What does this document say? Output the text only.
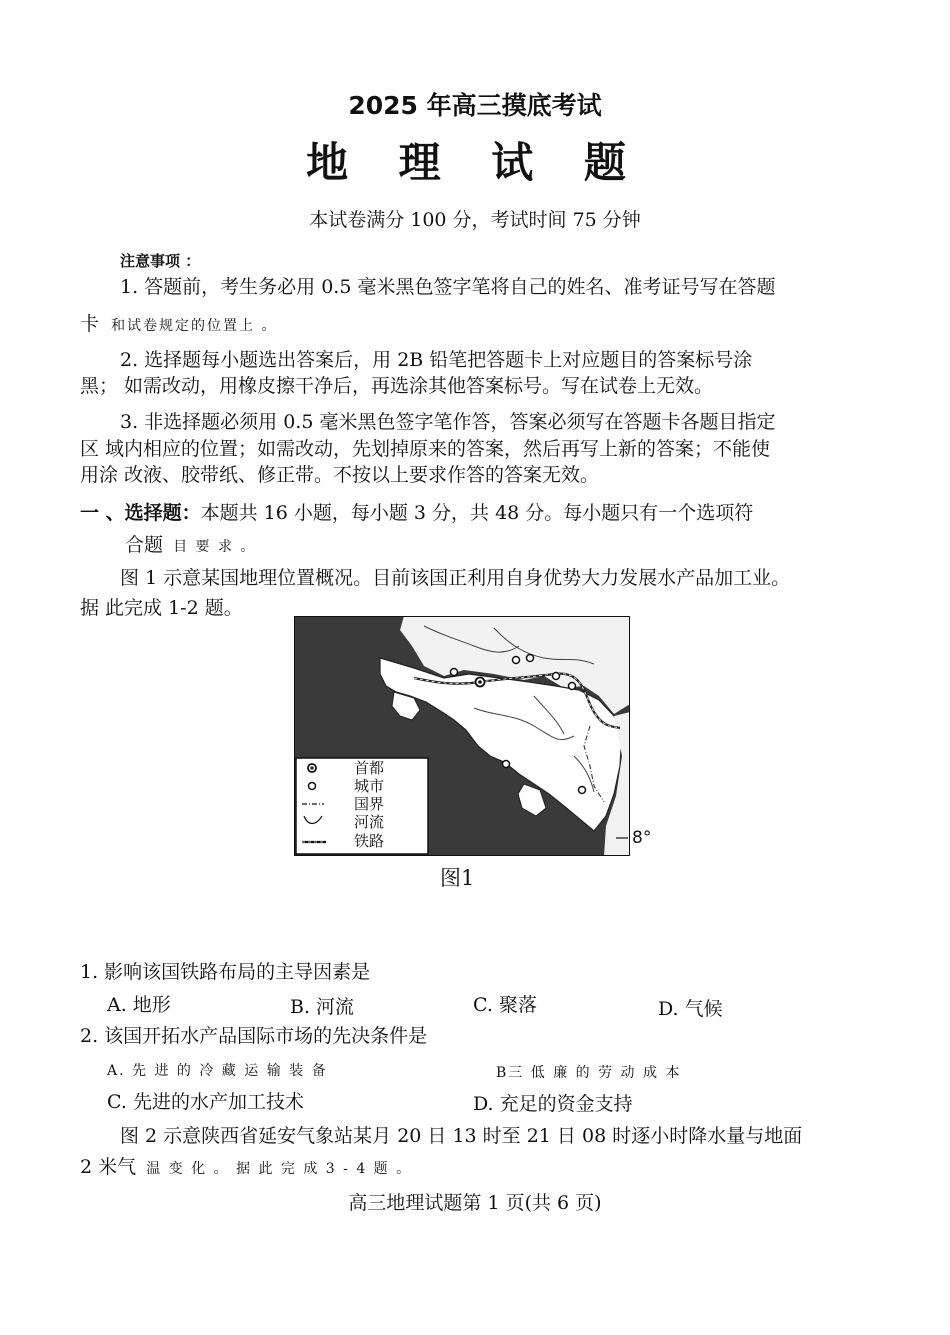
2025 年高三摸底考试
地 理 试 题
本试卷满分 100 分，考试时间 75 分钟
注意事项 ：
1. 答题前，考生务必用 0.5 毫米黑色签字笔将自己的姓名、准考证号写在答题
卡 和试卷规定的位置上 。
2. 选择题每小题选出答案后，用 2B 铅笔把答题卡上对应题目的答案标号涂
黑； 如需改动，用橡皮擦干净后，再选涂其他答案标号。写在试卷上无效。
3. 非选择题必须用 0.5 毫米黑色签字笔作答，答案必须写在答题卡各题目指定
区 域内相应的位置；如需改动，先划掉原来的答案，然后再写上新的答案；不能使
用涂 改液、胶带纸、修正带。不按以上要求作答的答案无效。
一 、选择题：本题共 16 小题，每小题 3 分，共 48 分。每小题只有一个选项符
合题 目 要 求 。
图 1 示意某国地理位置概况。目前该国正利用自身优势大力发展水产品加工业。
据 此完成 1-2 题。
首都
城市
国界
河流
铁路	8°
图1
1. 影响该国铁路布局的主导因素是
A. 地形	B. 河流	C. 聚落	D. 气候
2. 该国开拓水产品国际市场的先决条件是
A. 先 进 的 冷 藏 运 输 装 备	B三 低 廉 的 劳 动 成 本
C. 先进的水产加工技术	D. 充足的资金支持
图 2 示意陕西省延安气象站某月 20 日 13 时至 21 日 08 时逐小时降水量与地面
2 米气 温 变 化 。 据 此 完 成 3 - 4 题 。
高三地理试题第 1 页(共 6 页)
